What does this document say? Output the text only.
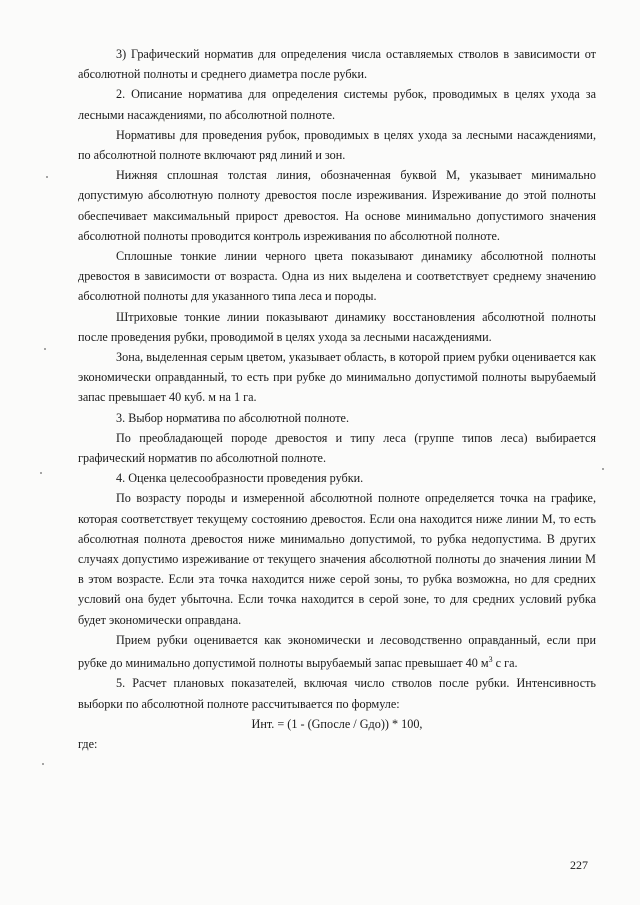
3) Графический норматив для определения числа оставляемых стволов в зависимости от абсолютной полноты и среднего диаметра после рубки.

2. Описание норматива для определения системы рубок, проводимых в целях ухода за лесными насаждениями, по абсолютной полноте.

Нормативы для проведения рубок, проводимых в целях ухода за лесными насаждениями, по абсолютной полноте включают ряд линий и зон.

Нижняя сплошная толстая линия, обозначенная буквой М, указывает минимально допустимую абсолютную полноту древостоя после изреживания. Изреживание до этой полноты обеспечивает максимальный прирост древостоя. На основе минимально допустимого значения абсолютной полноты проводится контроль изреживания по абсолютной полноте.

Сплошные тонкие линии черного цвета показывают динамику абсолютной полноты древостоя в зависимости от возраста. Одна из них выделена и соответствует среднему значению абсолютной полноты для указанного типа леса и породы.

Штриховые тонкие линии показывают динамику восстановления абсолютной полноты после проведения рубки, проводимой в целях ухода за лесными насаждениями.

Зона, выделенная серым цветом, указывает область, в которой прием рубки оценивается как экономически оправданный, то есть при рубке до минимально допустимой полноты вырубаемый запас превышает 40 куб. м на 1 га.

3. Выбор норматива по абсолютной полноте.

По преобладающей породе древостоя и типу леса (группе типов леса) выбирается графический норматив по абсолютной полноте.

4. Оценка целесообразности проведения рубки.

По возрасту породы и измеренной абсолютной полноте определяется точка на графике, которая соответствует текущему состоянию древостоя. Если она находится ниже линии М, то есть абсолютная полнота древостоя ниже минимально допустимой, то рубка недопустима. В других случаях допустимо изреживание от текущего значения абсолютной полноты до значения линии М в этом возрасте. Если эта точка находится ниже серой зоны, то рубка возможна, но для средних условий она будет убыточна. Если точка находится в серой зоне, то для средних условий рубка будет экономически оправдана.

Прием рубки оценивается как экономически и лесоводственно оправданный, если при рубке до минимально допустимой полноты вырубаемый запас превышает 40 $м^3$ с га.

5. Расчет плановых показателей, включая число стволов после рубки. Интенсивность выборки по абсолютной полноте рассчитывается по формуле:

Инт. = (1 - (Gпосле / Gдо)) * 100,

где:

227
